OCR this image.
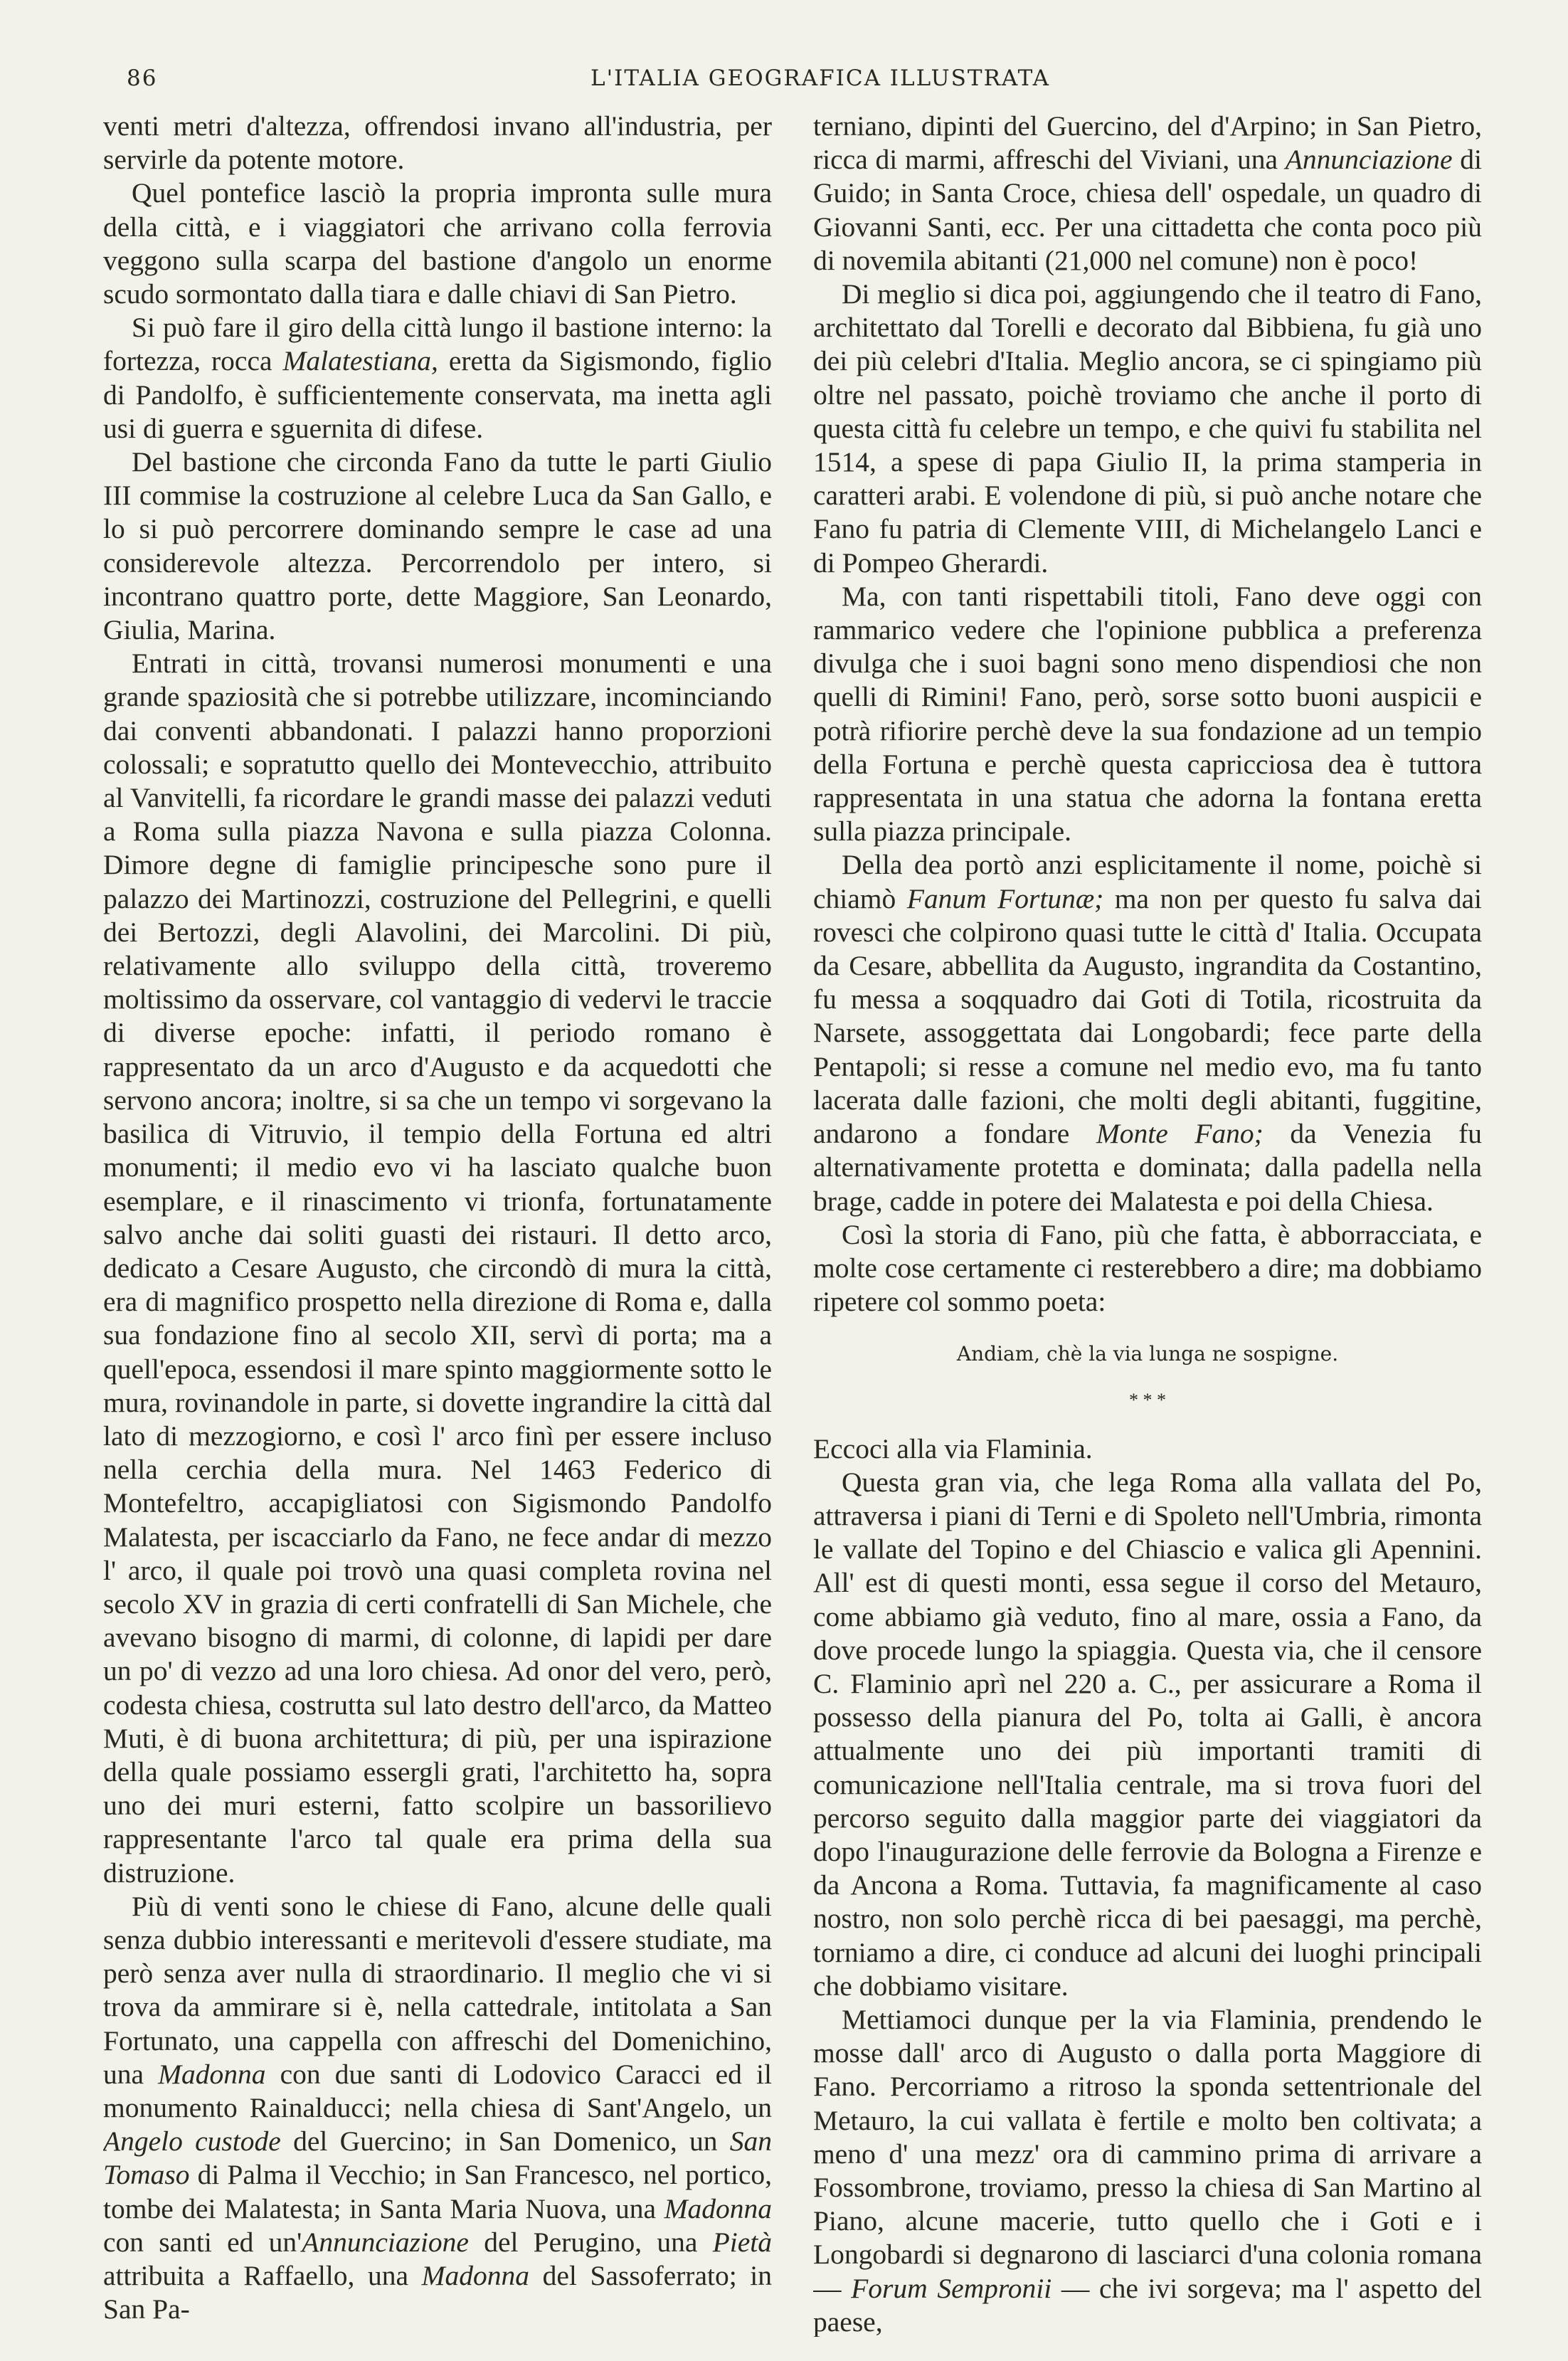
86	L'ITALIA GEOGRAFICA ILLUSTRATA

venti metri d'altezza, offrendosi invano all'industria, per servirle da potente motore.

Quel pontefice lasciò la propria impronta sulle mura della città, e i viaggiatori che arrivano colla ferrovia veggono sulla scarpa del bastione d'angolo un enorme scudo sormontato dalla tiara e dalle chiavi di San Pietro.

Si può fare il giro della città lungo il bastione interno: la fortezza, rocca Malatestiana, eretta da Sigismondo, figlio di Pandolfo, è sufficientemente conservata, ma inetta agli usi di guerra e sguernita di difese.

Del bastione che circonda Fano da tutte le parti Giulio III commise la costruzione al celebre Luca da San Gallo, e lo si può percorrere dominando sempre le case ad una considerevole altezza. Percorrendolo per intero, si incontrano quattro porte, dette Maggiore, San Leonardo, Giulia, Marina.

Entrati in città, trovansi numerosi monumenti e una grande spaziosità che si potrebbe utilizzare, incominciando dai conventi abbandonati. I palazzi hanno proporzioni colossali; e sopratutto quello dei Montevecchio, attribuito al Vanvitelli, fa ricordare le grandi masse dei palazzi veduti a Roma sulla piazza Navona e sulla piazza Colonna. Dimore degne di famiglie principesche sono pure il palazzo dei Martinozzi, costruzione del Pellegrini, e quelli dei Bertozzi, degli Alavolini, dei Marcolini. Di più, relativamente allo sviluppo della città, troveremo moltissimo da osservare, col vantaggio di vedervi le traccie di diverse epoche: infatti, il periodo romano è rappresentato da un arco d'Augusto e da acquedotti che servono ancora; inoltre, si sa che un tempo vi sorgevano la basilica di Vitruvio, il tempio della Fortuna ed altri monumenti; il medio evo vi ha lasciato qualche buon esemplare, e il rinascimento vi trionfa, fortunatamente salvo anche dai soliti guasti dei ristauri. Il detto arco, dedicato a Cesare Augusto, che circondò di mura la città, era di magnifico prospetto nella direzione di Roma e, dalla sua fondazione fino al secolo XII, servì di porta; ma a quell'epoca, essendosi il mare spinto maggiormente sotto le mura, rovinandole in parte, si dovette ingrandire la città dal lato di mezzogiorno, e così l' arco finì per essere incluso nella cerchia della mura. Nel 1463 Federico di Montefeltro, accapigliatosi con Sigismondo Pandolfo Malatesta, per iscacciarlo da Fano, ne fece andar di mezzo l' arco, il quale poi trovò una quasi completa rovina nel secolo XV in grazia di certi confratelli di San Michele, che avevano bisogno di marmi, di colonne, di lapidi per dare un po' di vezzo ad una loro chiesa. Ad onor del vero, però, codesta chiesa, costrutta sul lato destro dell'arco, da Matteo Muti, è di buona architettura; di più, per una ispirazione della quale possiamo essergli grati, l'architetto ha, sopra uno dei muri esterni, fatto scolpire un bassorilievo rappresentante l'arco tal quale era prima della sua distruzione.

Più di venti sono le chiese di Fano, alcune delle quali senza dubbio interessanti e meritevoli d'essere studiate, ma però senza aver nulla di straordinario. Il meglio che vi si trova da ammirare si è, nella cattedrale, intitolata a San Fortunato, una cappella con affreschi del Domenichino, una Madonna con due santi di Lodovico Caracci ed il monumento Rainalducci; nella chiesa di Sant'Angelo, un Angelo custode del Guercino; in San Domenico, un San Tomaso di Palma il Vecchio; in San Francesco, nel portico, tombe dei Malatesta; in Santa Maria Nuova, una Madonna con santi ed un'Annunciazione del Perugino, una Pietà attribuita a Raffaello, una Madonna del Sassoferrato; in San Pa-

terniano, dipinti del Guercino, del d'Arpino; in San Pietro, ricca di marmi, affreschi del Viviani, una Annunciazione di Guido; in Santa Croce, chiesa dell' ospedale, un quadro di Giovanni Santi, ecc. Per una cittadetta che conta poco più di novemila abitanti (21,000 nel comune) non è poco!

Di meglio si dica poi, aggiungendo che il teatro di Fano, architettato dal Torelli e decorato dal Bibbiena, fu già uno dei più celebri d'Italia. Meglio ancora, se ci spingiamo più oltre nel passato, poichè troviamo che anche il porto di questa città fu celebre un tempo, e che quivi fu stabilita nel 1514, a spese di papa Giulio II, la prima stamperia in caratteri arabi. E volendone di più, si può anche notare che Fano fu patria di Clemente VIII, di Michelangelo Lanci e di Pompeo Gherardi.

Ma, con tanti rispettabili titoli, Fano deve oggi con rammarico vedere che l'opinione pubblica a preferenza divulga che i suoi bagni sono meno dispendiosi che non quelli di Rimini! Fano, però, sorse sotto buoni auspicii e potrà rifiorire perchè deve la sua fondazione ad un tempio della Fortuna e perchè questa capricciosa dea è tuttora rappresentata in una statua che adorna la fontana eretta sulla piazza principale.

Della dea portò anzi esplicitamente il nome, poichè si chiamò Fanum Fortunæ; ma non per questo fu salva dai rovesci che colpirono quasi tutte le città d' Italia. Occupata da Cesare, abbellita da Augusto, ingrandita da Costantino, fu messa a soqquadro dai Goti di Totila, ricostruita da Narsete, assoggettata dai Longobardi; fece parte della Pentapoli; si resse a comune nel medio evo, ma fu tanto lacerata dalle fazioni, che molti degli abitanti, fuggitine, andarono a fondare Monte Fano; da Venezia fu alternativamente protetta e dominata; dalla padella nella brage, cadde in potere dei Malatesta e poi della Chiesa.

Così la storia di Fano, più che fatta, è abborracciata, e molte cose certamente ci resterebbero a dire; ma dobbiamo ripetere col sommo poeta:

Andiam, chè la via lunga ne sospigne.

* * *

Eccoci alla via Flaminia.

Questa gran via, che lega Roma alla vallata del Po, attraversa i piani di Terni e di Spoleto nell'Umbria, rimonta le vallate del Topino e del Chiascio e valica gli Apennini. All' est di questi monti, essa segue il corso del Metauro, come abbiamo già veduto, fino al mare, ossia a Fano, da dove procede lungo la spiaggia. Questa via, che il censore C. Flaminio aprì nel 220 a. C., per assicurare a Roma il possesso della pianura del Po, tolta ai Galli, è ancora attualmente uno dei più importanti tramiti di comunicazione nell'Italia centrale, ma si trova fuori del percorso seguito dalla maggior parte dei viaggiatori da dopo l'inaugurazione delle ferrovie da Bologna a Firenze e da Ancona a Roma. Tuttavia, fa magnificamente al caso nostro, non solo perchè ricca di bei paesaggi, ma perchè, torniamo a dire, ci conduce ad alcuni dei luoghi principali che dobbiamo visitare.

Mettiamoci dunque per la via Flaminia, prendendo le mosse dall' arco di Augusto o dalla porta Maggiore di Fano. Percorriamo a ritroso la sponda settentrionale del Metauro, la cui vallata è fertile e molto ben coltivata; a meno d' una mezz' ora di cammino prima di arrivare a Fossombrone, troviamo, presso la chiesa di San Martino al Piano, alcune macerie, tutto quello che i Goti e i Longobardi si degnarono di lasciarci d'una colonia romana — Forum Sempronii — che ivi sorgeva; ma l' aspetto del paese,
